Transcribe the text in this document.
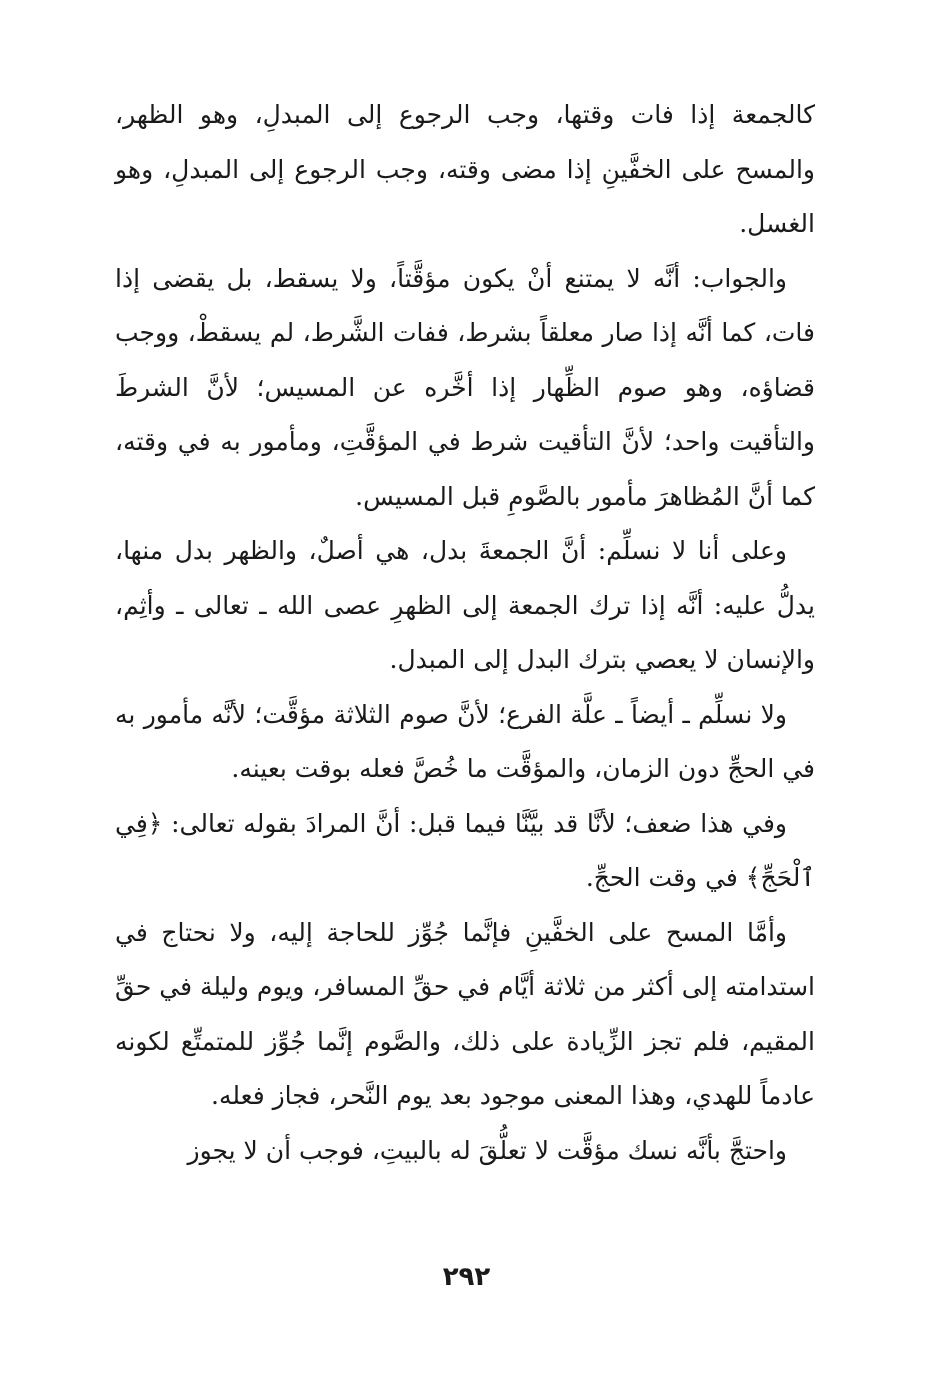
كالجمعة إذا فات وقتها، وجب الرجوع إلى المبدلِ، وهو الظهر، والمسح على الخفَّينِ إذا مضى وقته، وجب الرجوع إلى المبدلِ، وهو الغسل.

والجواب: أنَّه لا يمتنع أنْ يكون مؤقَّتاً، ولا يسقط، بل يقضى إذا فات، كما أنَّه إذا صار معلقاً بشرط، ففات الشَّرط، لم يسقطْ، ووجب قضاؤه، وهو صوم الظِّهار إذا أخَّره عن المسيس؛ لأنَّ الشرطَ والتأقيت واحد؛ لأنَّ التأقيت شرط في المؤقَّتِ، ومأمور به في وقته، كما أنَّ المُظاهرَ مأمور بالصَّومِ قبل المسيس.

وعلى أنا لا نسلِّم: أنَّ الجمعةَ بدل، هي أصلٌ، والظهر بدل منها، يدلُّ عليه: أنَّه إذا ترك الجمعة إلى الظهرِ عصى الله ـ تعالى ـ وأثِم، والإنسان لا يعصي بترك البدل إلى المبدل.

ولا نسلِّم ـ أيضاً ـ علَّة الفرع؛ لأنَّ صوم الثلاثة مؤقَّت؛ لأنَّه مأمور به في الحجِّ دون الزمان، والمؤقَّت ما خُصَّ فعله بوقت بعينه.

وفي هذا ضعف؛ لأنَّا قد بيَّنَّا فيما قبل: أنَّ المرادَ بقوله تعالى: ﴿فِي ٱلْحَجِّ﴾ في وقت الحجِّ.

وأمَّا المسح على الخفَّينِ فإنَّما جُوِّز للحاجة إليه، ولا نحتاج في استدامته إلى أكثر من ثلاثة أيَّام في حقِّ المسافر، ويوم وليلة في حقِّ المقيم، فلم تجز الزِّيادة على ذلك، والصَّوم إنَّما جُوِّز للمتمتِّع لكونه عادماً للهدي، وهذا المعنى موجود بعد يوم النَّحر، فجاز فعله.

واحتجَّ بأنَّه نسك مؤقَّت لا تعلُّقَ له بالبيتِ، فوجب أن لا يجوز

٢٩٢
